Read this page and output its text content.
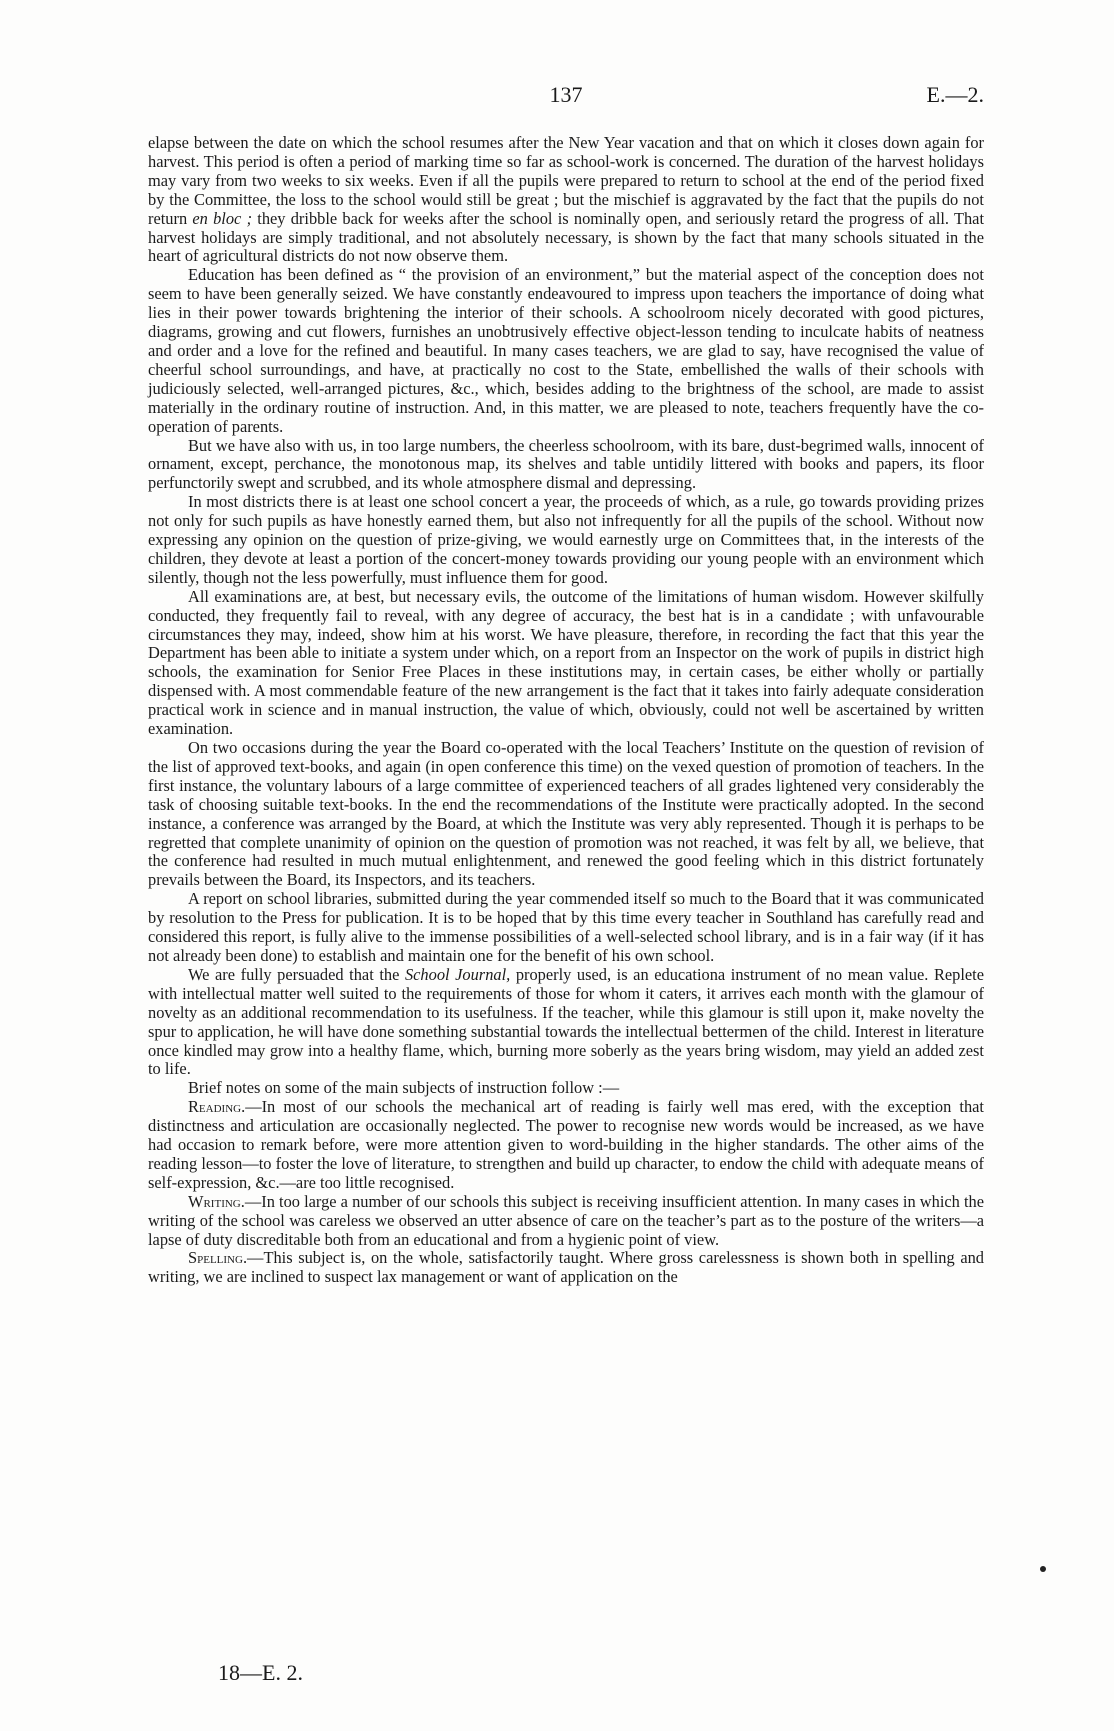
137	E.—2.

elapse between the date on which the school resumes after the New Year vacation and that on which it closes down again for harvest. This period is often a period of marking time so far as school-work is concerned. The duration of the harvest holidays may vary from two weeks to six weeks. Even if all the pupils were prepared to return to school at the end of the period fixed by the Committee, the loss to the school would still be great ; but the mischief is aggravated by the fact that the pupils do not return en bloc ; they dribble back for weeks after the school is nominally open, and seriously retard the progress of all. That harvest holidays are simply traditional, and not absolutely necessary, is shown by the fact that many schools situated in the heart of agricultural districts do not now observe them.

Education has been defined as “ the provision of an environment,” but the material aspect of the conception does not seem to have been generally seized. We have constantly endeavoured to impress upon teachers the importance of doing what lies in their power towards brightening the interior of their schools. A schoolroom nicely decorated with good pictures, diagrams, growing and cut flowers, furnishes an unobtrusively effective object-lesson tending to inculcate habits of neatness and order and a love for the refined and beautiful. In many cases teachers, we are glad to say, have recognised the value of cheerful school surroundings, and have, at practically no cost to the State, embellished the walls of their schools with judiciously selected, well-arranged pictures, &c., which, besides adding to the brightness of the school, are made to assist materially in the ordinary routine of instruction. And, in this matter, we are pleased to note, teachers frequently have the co-operation of parents.

But we have also with us, in too large numbers, the cheerless schoolroom, with its bare, dust-begrimed walls, innocent of ornament, except, perchance, the monotonous map, its shelves and table untidily littered with books and papers, its floor perfunctorily swept and scrubbed, and its whole atmosphere dismal and depressing.

In most districts there is at least one school concert a year, the proceeds of which, as a rule, go towards providing prizes not only for such pupils as have honestly earned them, but also not infrequently for all the pupils of the school. Without now expressing any opinion on the question of prize-giving, we would earnestly urge on Committees that, in the interests of the children, they devote at least a portion of the concert-money towards providing our young people with an environment which silently, though not the less powerfully, must influence them for good.

All examinations are, at best, but necessary evils, the outcome of the limitations of human wisdom. However skilfully conducted, they frequently fail to reveal, with any degree of accuracy, the best hat is in a candidate ; with unfavourable circumstances they may, indeed, show him at his worst. We have pleasure, therefore, in recording the fact that this year the Department has been able to initiate a system under which, on a report from an Inspector on the work of pupils in district high schools, the examination for Senior Free Places in these institutions may, in certain cases, be either wholly or partially dispensed with. A most commendable feature of the new arrangement is the fact that it takes into fairly adequate consideration practical work in science and in manual instruction, the value of which, obviously, could not well be ascertained by written examination.

On two occasions during the year the Board co-operated with the local Teachers’ Institute on the question of revision of the list of approved text-books, and again (in open conference this time) on the vexed question of promotion of teachers. In the first instance, the voluntary labours of a large committee of experienced teachers of all grades lightened very considerably the task of choosing suitable text-books. In the end the recommendations of the Institute were practically adopted. In the second instance, a conference was arranged by the Board, at which the Institute was very ably represented. Though it is perhaps to be regretted that complete unanimity of opinion on the question of promotion was not reached, it was felt by all, we believe, that the conference had resulted in much mutual enlightenment, and renewed the good feeling which in this district fortunately prevails between the Board, its Inspectors, and its teachers.

A report on school libraries, submitted during the year commended itself so much to the Board that it was communicated by resolution to the Press for publication. It is to be hoped that by this time every teacher in Southland has carefully read and considered this report, is fully alive to the immense possibilities of a well-selected school library, and is in a fair way (if it has not already been done) to establish and maintain one for the benefit of his own school.

We are fully persuaded that the School Journal, properly used, is an educationa instrument of no mean value. Replete with intellectual matter well suited to the requirements of those for whom it caters, it arrives each month with the glamour of novelty as an additional recommendation to its usefulness. If the teacher, while this glamour is still upon it, make novelty the spur to application, he will have done something substantial towards the intellectual bettermen of the child. Interest in literature once kindled may grow into a healthy flame, which, burning more soberly as the years bring wisdom, may yield an added zest to life.

Brief notes on some of the main subjects of instruction follow :—

Reading.—In most of our schools the mechanical art of reading is fairly well mas ered, with the exception that distinctness and articulation are occasionally neglected. The power to recognise new words would be increased, as we have had occasion to remark before, were more attention given to word-building in the higher standards. The other aims of the reading lesson—to foster the love of literature, to strengthen and build up character, to endow the child with adequate means of self-expression, &c.—are too little recognised.

Writing.—In too large a number of our schools this subject is receiving insufficient attention. In many cases in which the writing of the school was careless we observed an utter absence of care on the teacher’s part as to the posture of the writers—a lapse of duty discreditable both from an educational and from a hygienic point of view.

Spelling.—This subject is, on the whole, satisfactorily taught. Where gross carelessness is shown both in spelling and writing, we are inclined to suspect lax management or want of application on the

18—E. 2.
